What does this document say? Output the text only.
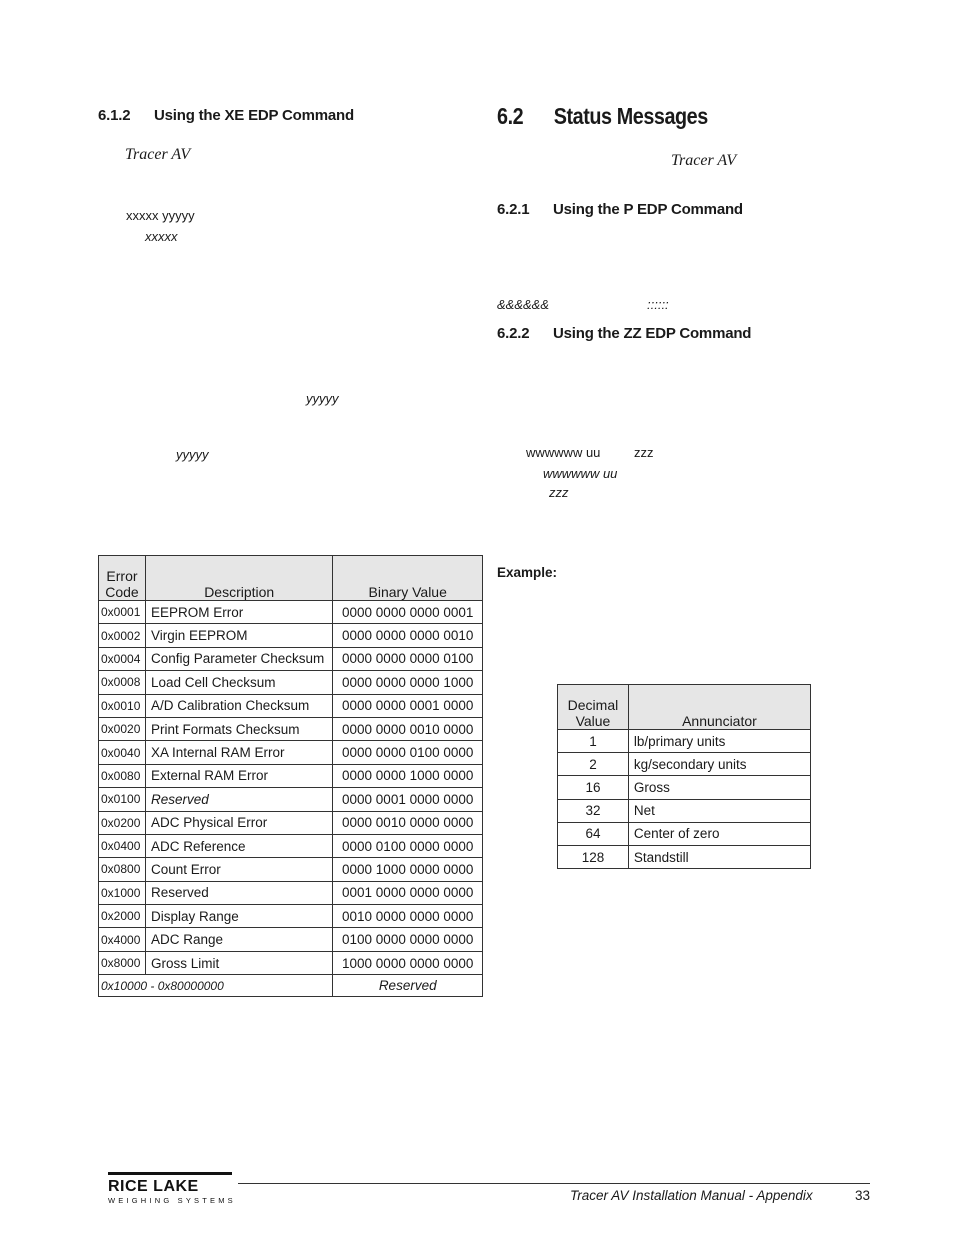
6.1.2 Using the XE EDP Command
Tracer AV
xxxxx yyyyy
xxxxx
yyyyy
yyyyy
Error
Code	Description	Binary Value
0x0001	EEPROM Error	0000 0000 0000 0001
0x0002	Virgin EEPROM	0000 0000 0000 0010
0x0004	Config Parameter Checksum	0000 0000 0000 0100
0x0008	Load Cell Checksum	0000 0000 0000 1000
0x0010	A/D Calibration Checksum	0000 0000 0001 0000
0x0020	Print Formats Checksum	0000 0000 0010 0000
0x0040	XA Internal RAM Error	0000 0000 0100 0000
0x0080	External RAM Error	0000 0000 1000 0000
0x0100	Reserved	0000 0001 0000 0000
0x0200	ADC Physical Error	0000 0010 0000 0000
0x0400	ADC Reference	0000 0100 0000 0000
0x0800	Count Error	0000 1000 0000 0000
0x1000	Reserved	0001 0000 0000 0000
0x2000	Display Range	0010 0000 0000 0000
0x4000	ADC Range	0100 0000 0000 0000
0x8000	Gross Limit	1000 0000 0000 0000
0x10000 - 0x80000000		Reserved
6.2 Status Messages
Tracer AV
6.2.1 Using the P EDP Command
&&&&&&	::::::
6.2.2 Using the ZZ EDP Command
wwwwww uu	zzz
wwwwww uu
zzz
Example:
Decimal
Value	Annunciator
1	lb/primary units
2	kg/secondary units
16	Gross
32	Net
64	Center of zero
128	Standstill
RICE LAKE
WEIGHING SYSTEMS	Tracer AV Installation Manual - Appendix	33
